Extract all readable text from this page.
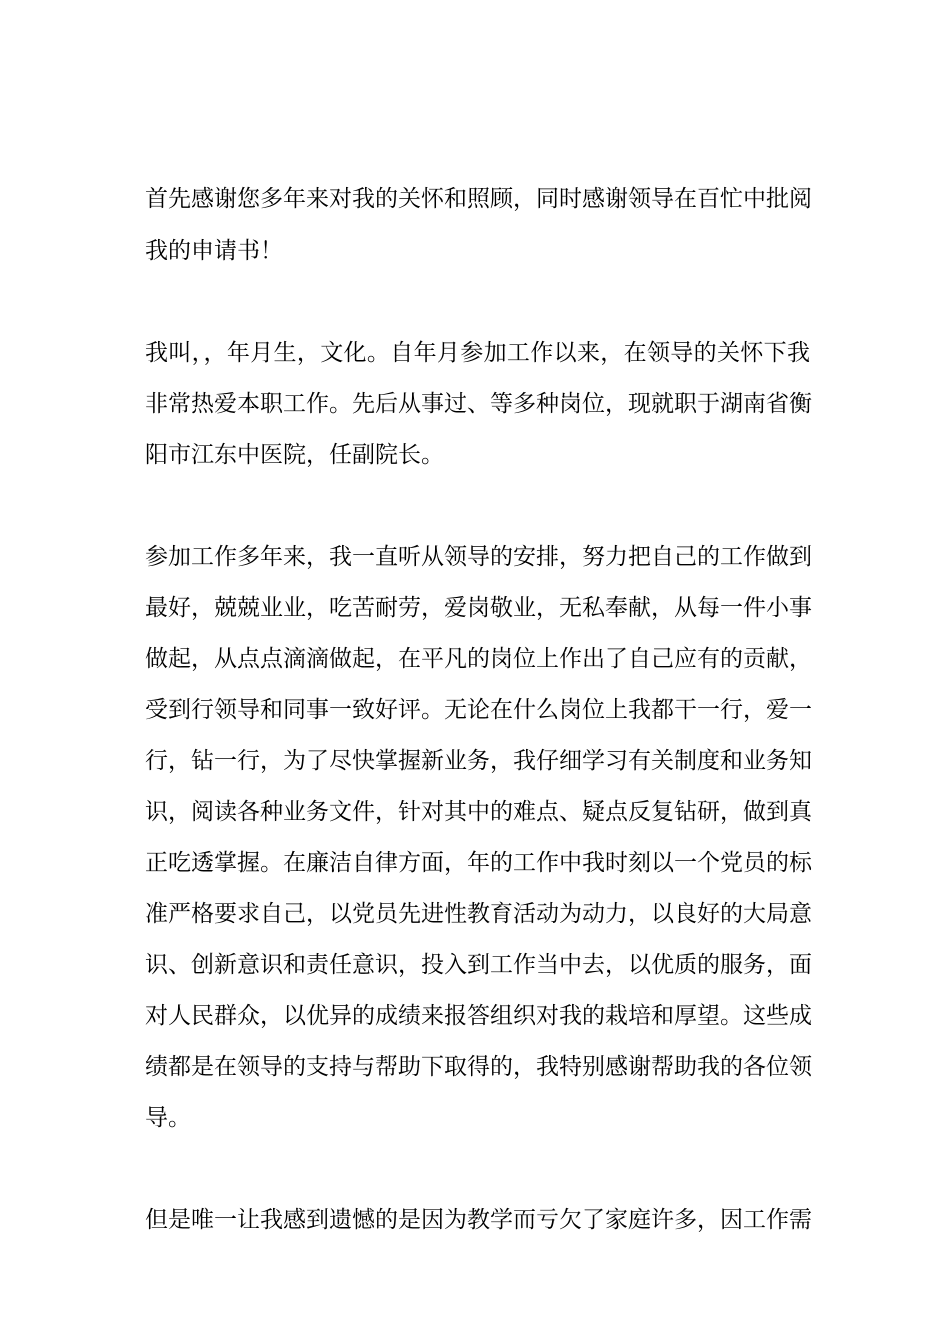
首先感谢您多年来对我的关怀和照顾，同时感谢领导在百忙中批阅
我的申请书！
我叫，，年月生，文化。自年月参加工作以来，在领导的关怀下我
非常热爱本职工作。先后从事过、等多种岗位，现就职于湖南省衡
阳市江东中医院，任副院长。
参加工作多年来，我一直听从领导的安排，努力把自己的工作做到
最好，兢兢业业，吃苦耐劳，爱岗敬业，无私奉献，从每一件小事
做起，从点点滴滴做起，在平凡的岗位上作出了自己应有的贡献，
受到行领导和同事一致好评。无论在什么岗位上我都干一行，爱一
行，钻一行，为了尽快掌握新业务，我仔细学习有关制度和业务知
识，阅读各种业务文件，针对其中的难点、疑点反复钻研，做到真
正吃透掌握。在廉洁自律方面，年的工作中我时刻以一个党员的标
准严格要求自己，以党员先进性教育活动为动力，以良好的大局意
识、创新意识和责任意识，投入到工作当中去，以优质的服务，面
对人民群众，以优异的成绩来报答组织对我的栽培和厚望。这些成
绩都是在领导的支持与帮助下取得的，我特别感谢帮助我的各位领
导。
但是唯一让我感到遗憾的是因为教学而亏欠了家庭许多，因工作需
